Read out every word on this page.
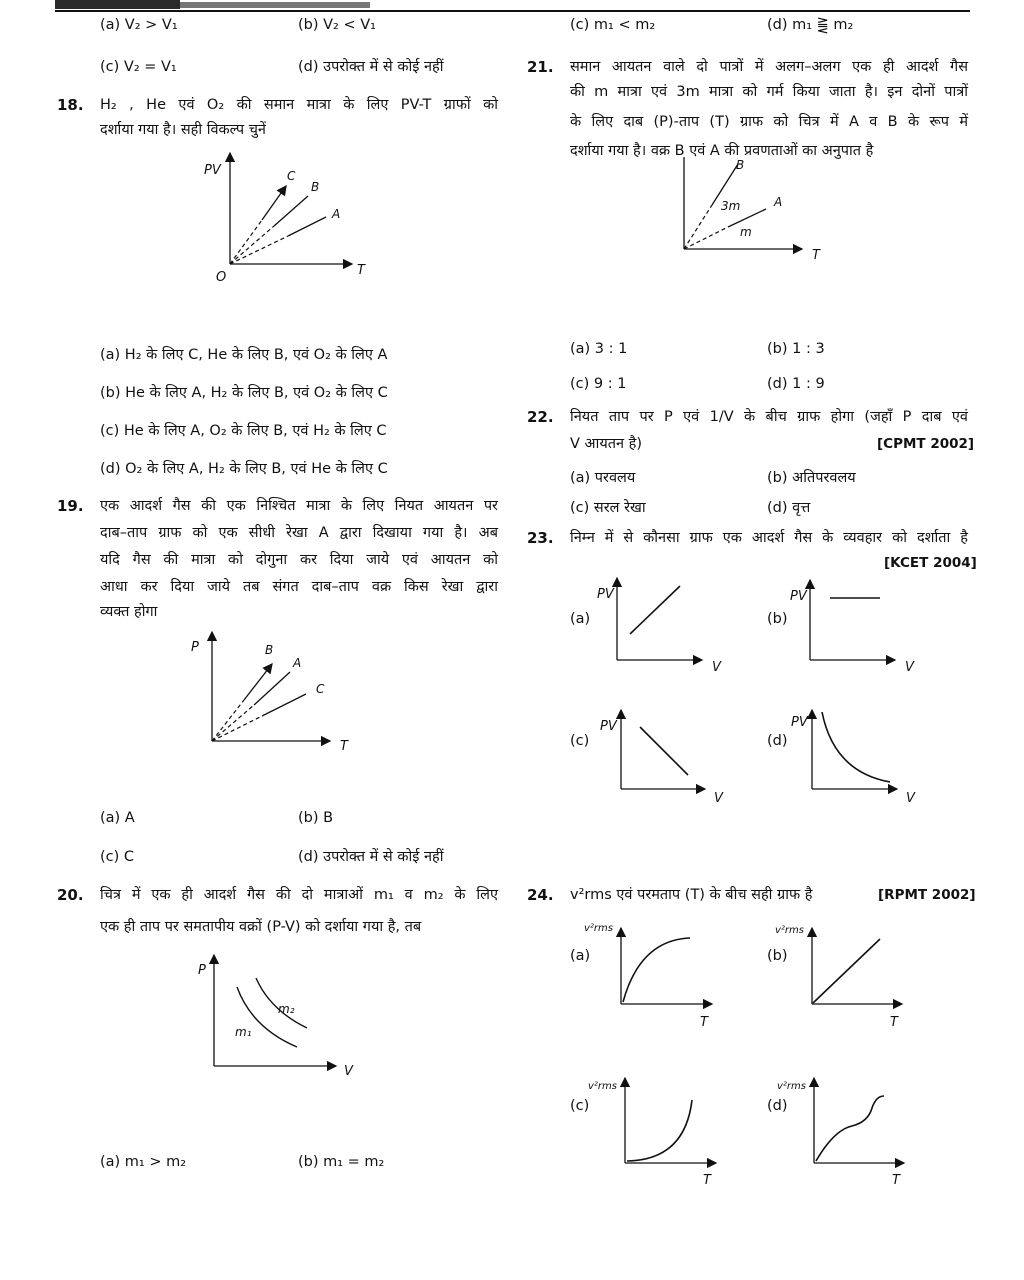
(a) V₂ > V₁	(b) V₂ < V₁
(c) V₂ = V₁	(d) उपरोक्त में से कोई नहीं
(c) m₁ < m₂	(d) m₁ ⪌ m₂
18. H₂ , He एवं O₂ की समान मात्रा के लिए PV-T ग्राफों को
दर्शाया गया है। सही विकल्प चुनें
PV
T
O
C
B
A
(a) H₂ के लिए C, He के लिए B, एवं O₂ के लिए A
(b) He के लिए A, H₂ के लिए B, एवं O₂ के लिए C
(c) He के लिए A, O₂ के लिए B, एवं H₂ के लिए C
(d) O₂ के लिए A, H₂ के लिए B, एवं He के लिए C
19. एक आदर्श गैस की एक निश्चित मात्रा के लिए नियत आयतन पर
दाब–ताप ग्राफ को एक सीधी रेखा A द्वारा दिखाया गया है। अब
यदि गैस की मात्रा को दोगुना कर दिया जाये एवं आयतन को
आधा कर दिया जाये तब संगत दाब–ताप वक्र किस रेखा द्वारा
व्यक्त होगा
P
T
B
A
C
(a) A	(b) B
(c) C	(d) उपरोक्त में से कोई नहीं
20. चित्र में एक ही आदर्श गैस की दो मात्राओं m₁ व m₂ के लिए
एक ही ताप पर समतापीय वक्रों (P-V) को दर्शाया गया है, तब
P
V
m₂
m₁
(a) m₁ > m₂	(b) m₁ = m₂
21. समान आयतन वाले दो पात्रों में अलग–अलग एक ही आदर्श गैस
की m मात्रा एवं 3m मात्रा को गर्म किया जाता है। इन दोनों पात्रों
के लिए दाब (P)-ताप (T) ग्राफ को चित्र में A व B के रूप में
दर्शाया गया है। वक्र B एवं A की प्रवणताओं का अनुपात है
T
B
3m	A
m
(a) 3 : 1	(b) 1 : 3
(c) 9 : 1	(d) 1 : 9
22. नियत ताप पर P एवं 1/V के बीच ग्राफ होगा (जहाँ P दाब एवं
V आयतन है)	[CPMT 2002]
(a) परवलय	(b) अतिपरवलय
(c) सरल रेखा	(d) वृत्त
23. निम्न में से कौनसा ग्राफ एक आदर्श गैस के व्यवहार को दर्शाता है
[KCET 2004]
(a)	(b)
(c)	(d)
PV
V
PV
V
PV
V
PV
V
24. v²rms एवं परमताप (T) के बीच सही ग्राफ है	[RPMT 2002]
(a)	(b)
(c)	(d)
v²rms
T
v²rms
T
v²rms
T
v²rms
T
